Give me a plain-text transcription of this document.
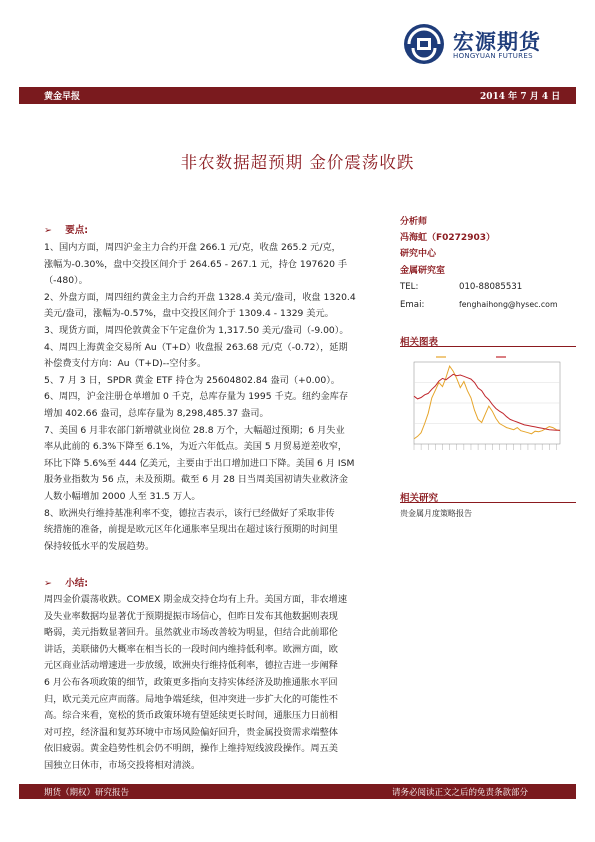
宏源期货
HONGYUAN FUTURES
黄金早报	2014 年 7 月 4 日
非农数据超预期 金价震荡收跌
➢ 要点:
1、国内方面，周四沪金主力合约开盘 266.1 元/克，收盘 265.2 元/克，
涨幅为-0.30%，盘中交投区间介于 264.65 - 267.1 元，持仓 197620 手
（-480）。
2、外盘方面，周四纽约黄金主力合约开盘 1328.4 美元/盎司，收盘 1320.4
美元/盎司，涨幅为-0.57%，盘中交投区间介于 1309.4 - 1329 美元。
3、现货方面，周四伦敦黄金下午定盘价为 1,317.50 美元/盎司（-9.00）。
4、周四上海黄金交易所 Au（T+D）收盘报 263.68 元/克（-0.72），延期
补偿费支付方向：Au（T+D)--空付多。
5、7 月 3 日，SPDR 黄金 ETF 持仓为 25604802.84 盎司（+0.00）。
6、周四，沪金注册仓单增加 0 千克，总库存量为 1995 千克。纽约金库存
增加 402.66 盎司，总库存量为 8,298,485.37 盎司。
7、美国 6 月非农部门新增就业岗位 28.8 万个，大幅超过预期；6 月失业
率从此前的 6.3%下降至 6.1%，为近六年低点。美国 5 月贸易逆差收窄，
环比下降 5.6%至 444 亿美元，主要由于出口增加进口下降。美国 6 月 ISM
服务业指数为 56 点，未及预期。截至 6 月 28 日当周美国初请失业救济金
人数小幅增加 2000 人至 31.5 万人。
8、欧洲央行维持基准利率不变，德拉吉表示，该行已经做好了采取非传
统措施的准备，前提是欧元区年化通胀率呈现出在超过该行预期的时间里
保持较低水平的发展趋势。
➢ 小结:
周四金价震荡收跌。COMEX 期金成交持仓均有上升。美国方面，非农增速
及失业率数据均显著优于预期提振市场信心，但昨日发布其他数据则表现
略弱，美元指数显著回升。虽然就业市场改善较为明显，但结合此前耶伦
讲话，美联储仍大概率在相当长的一段时间内维持低利率。欧洲方面，欧
元区商业活动增速进一步放缓，欧洲央行维持低利率，德拉吉进一步阐释
6 月公布各项政策的细节，政策更多指向支持实体经济及助推通胀水平回
归，欧元美元应声而落。局地争端延续，但冲突进一步扩大化的可能性不
高。综合来看，宽松的货币政策环境有望延续更长时间，通胀压力日前相
对可控，经济温和复苏环境中市场风险偏好回升，贵金属投资需求端整体
依旧疲弱。黄金趋势性机会仍不明朗，操作上维持短线波段操作。周五美
国独立日休市，市场交投将相对清淡。
分析师
冯海虹（F0272903）
研究中心
金属研究室
TEL:	010-88085531
Emai:	fenghaihong@hysec.com
相关图表
相关研究
贵金属月度策略报告
期货（期权）研究报告	请务必阅读正文之后的免责条款部分
